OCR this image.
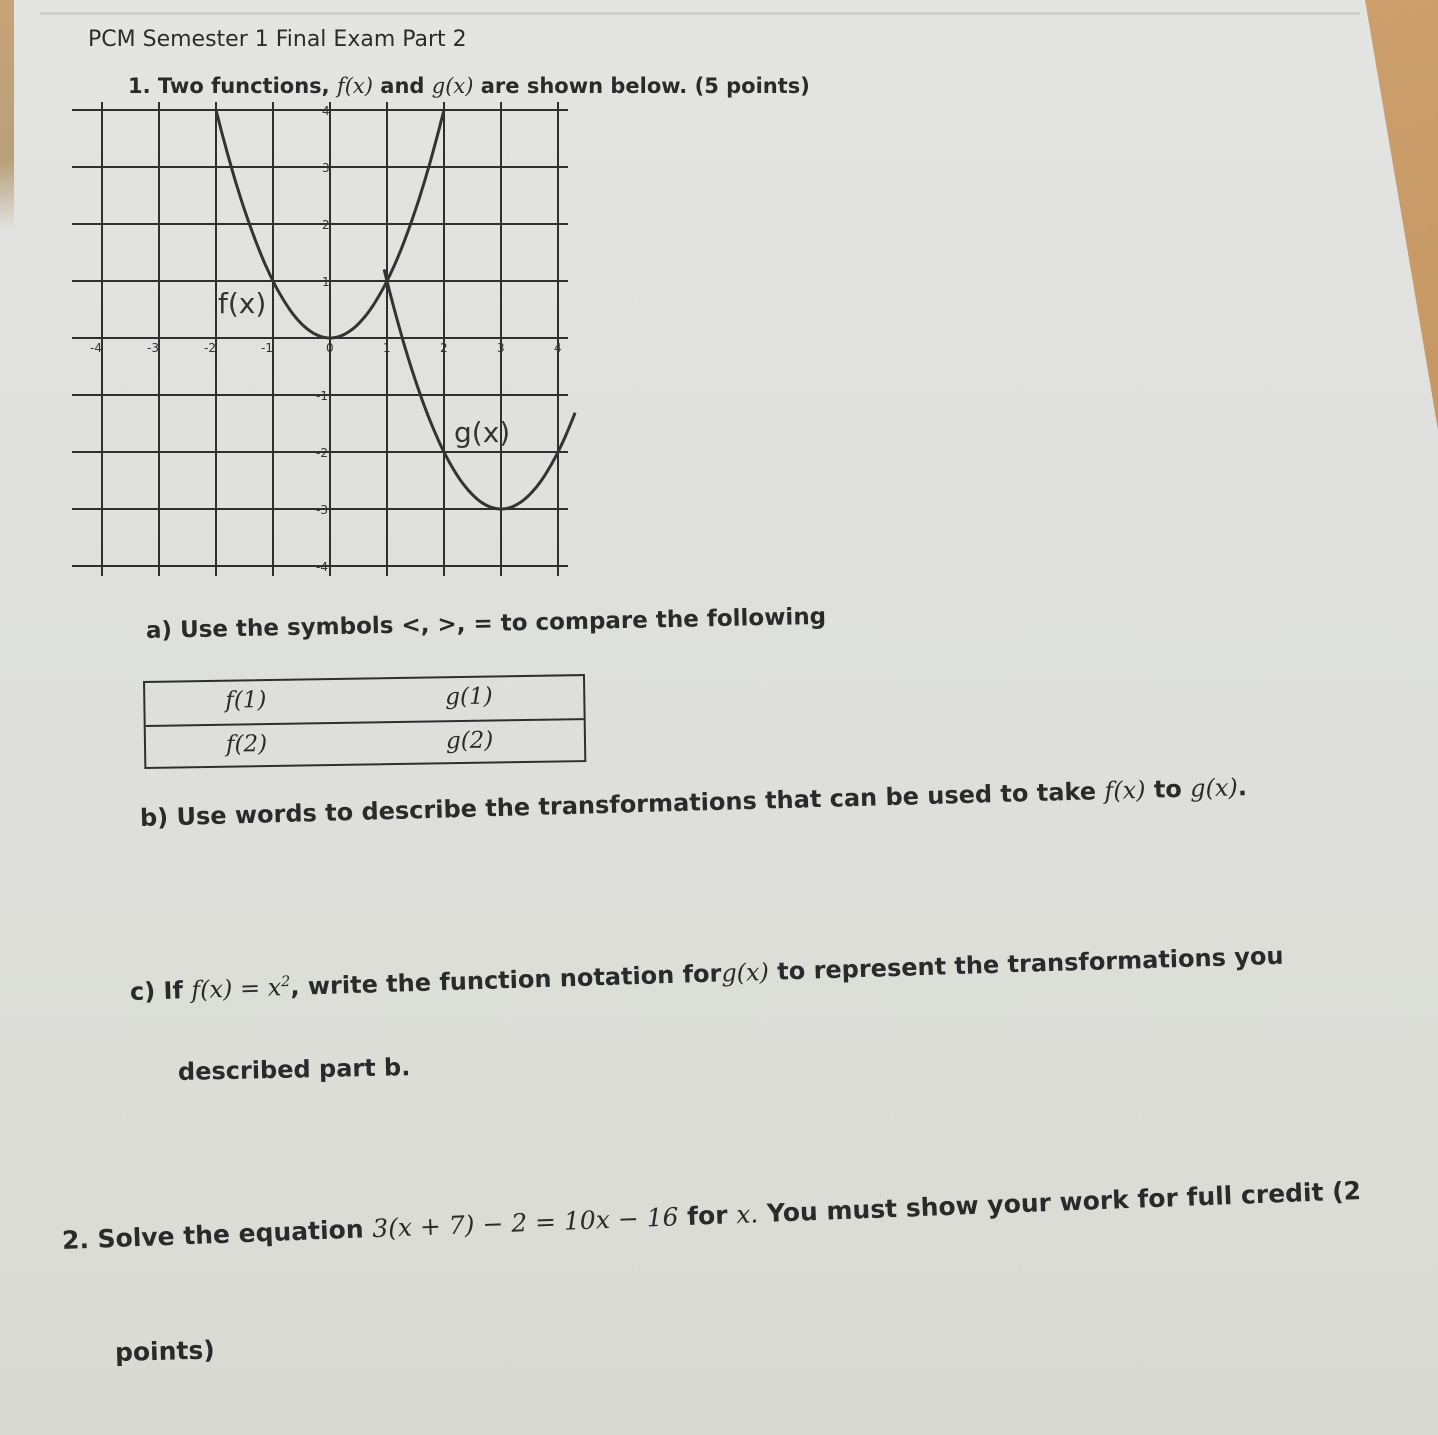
PCM Semester 1 Final Exam Part 2
1. Two functions, f(x) and g(x) are shown below. (5 points)
-4	-3	-2	-1	0	1	2	3	4
4
3
2
1
-1
-2
-3
-4
f(x)
g(x)
a) Use the symbols <, >, = to compare the following
f(1)	g(1)
f(2)	g(2)
b) Use words to describe the transformations that can be used to take f(x) to g(x).
c) If $f(x) = x^2$, write the function notation forg(x) to represent the transformations you
described part b.
2. Solve the equation 3(x + 7) − 2 = 10x − 16 for x. You must show your work for full credit (2
points)
